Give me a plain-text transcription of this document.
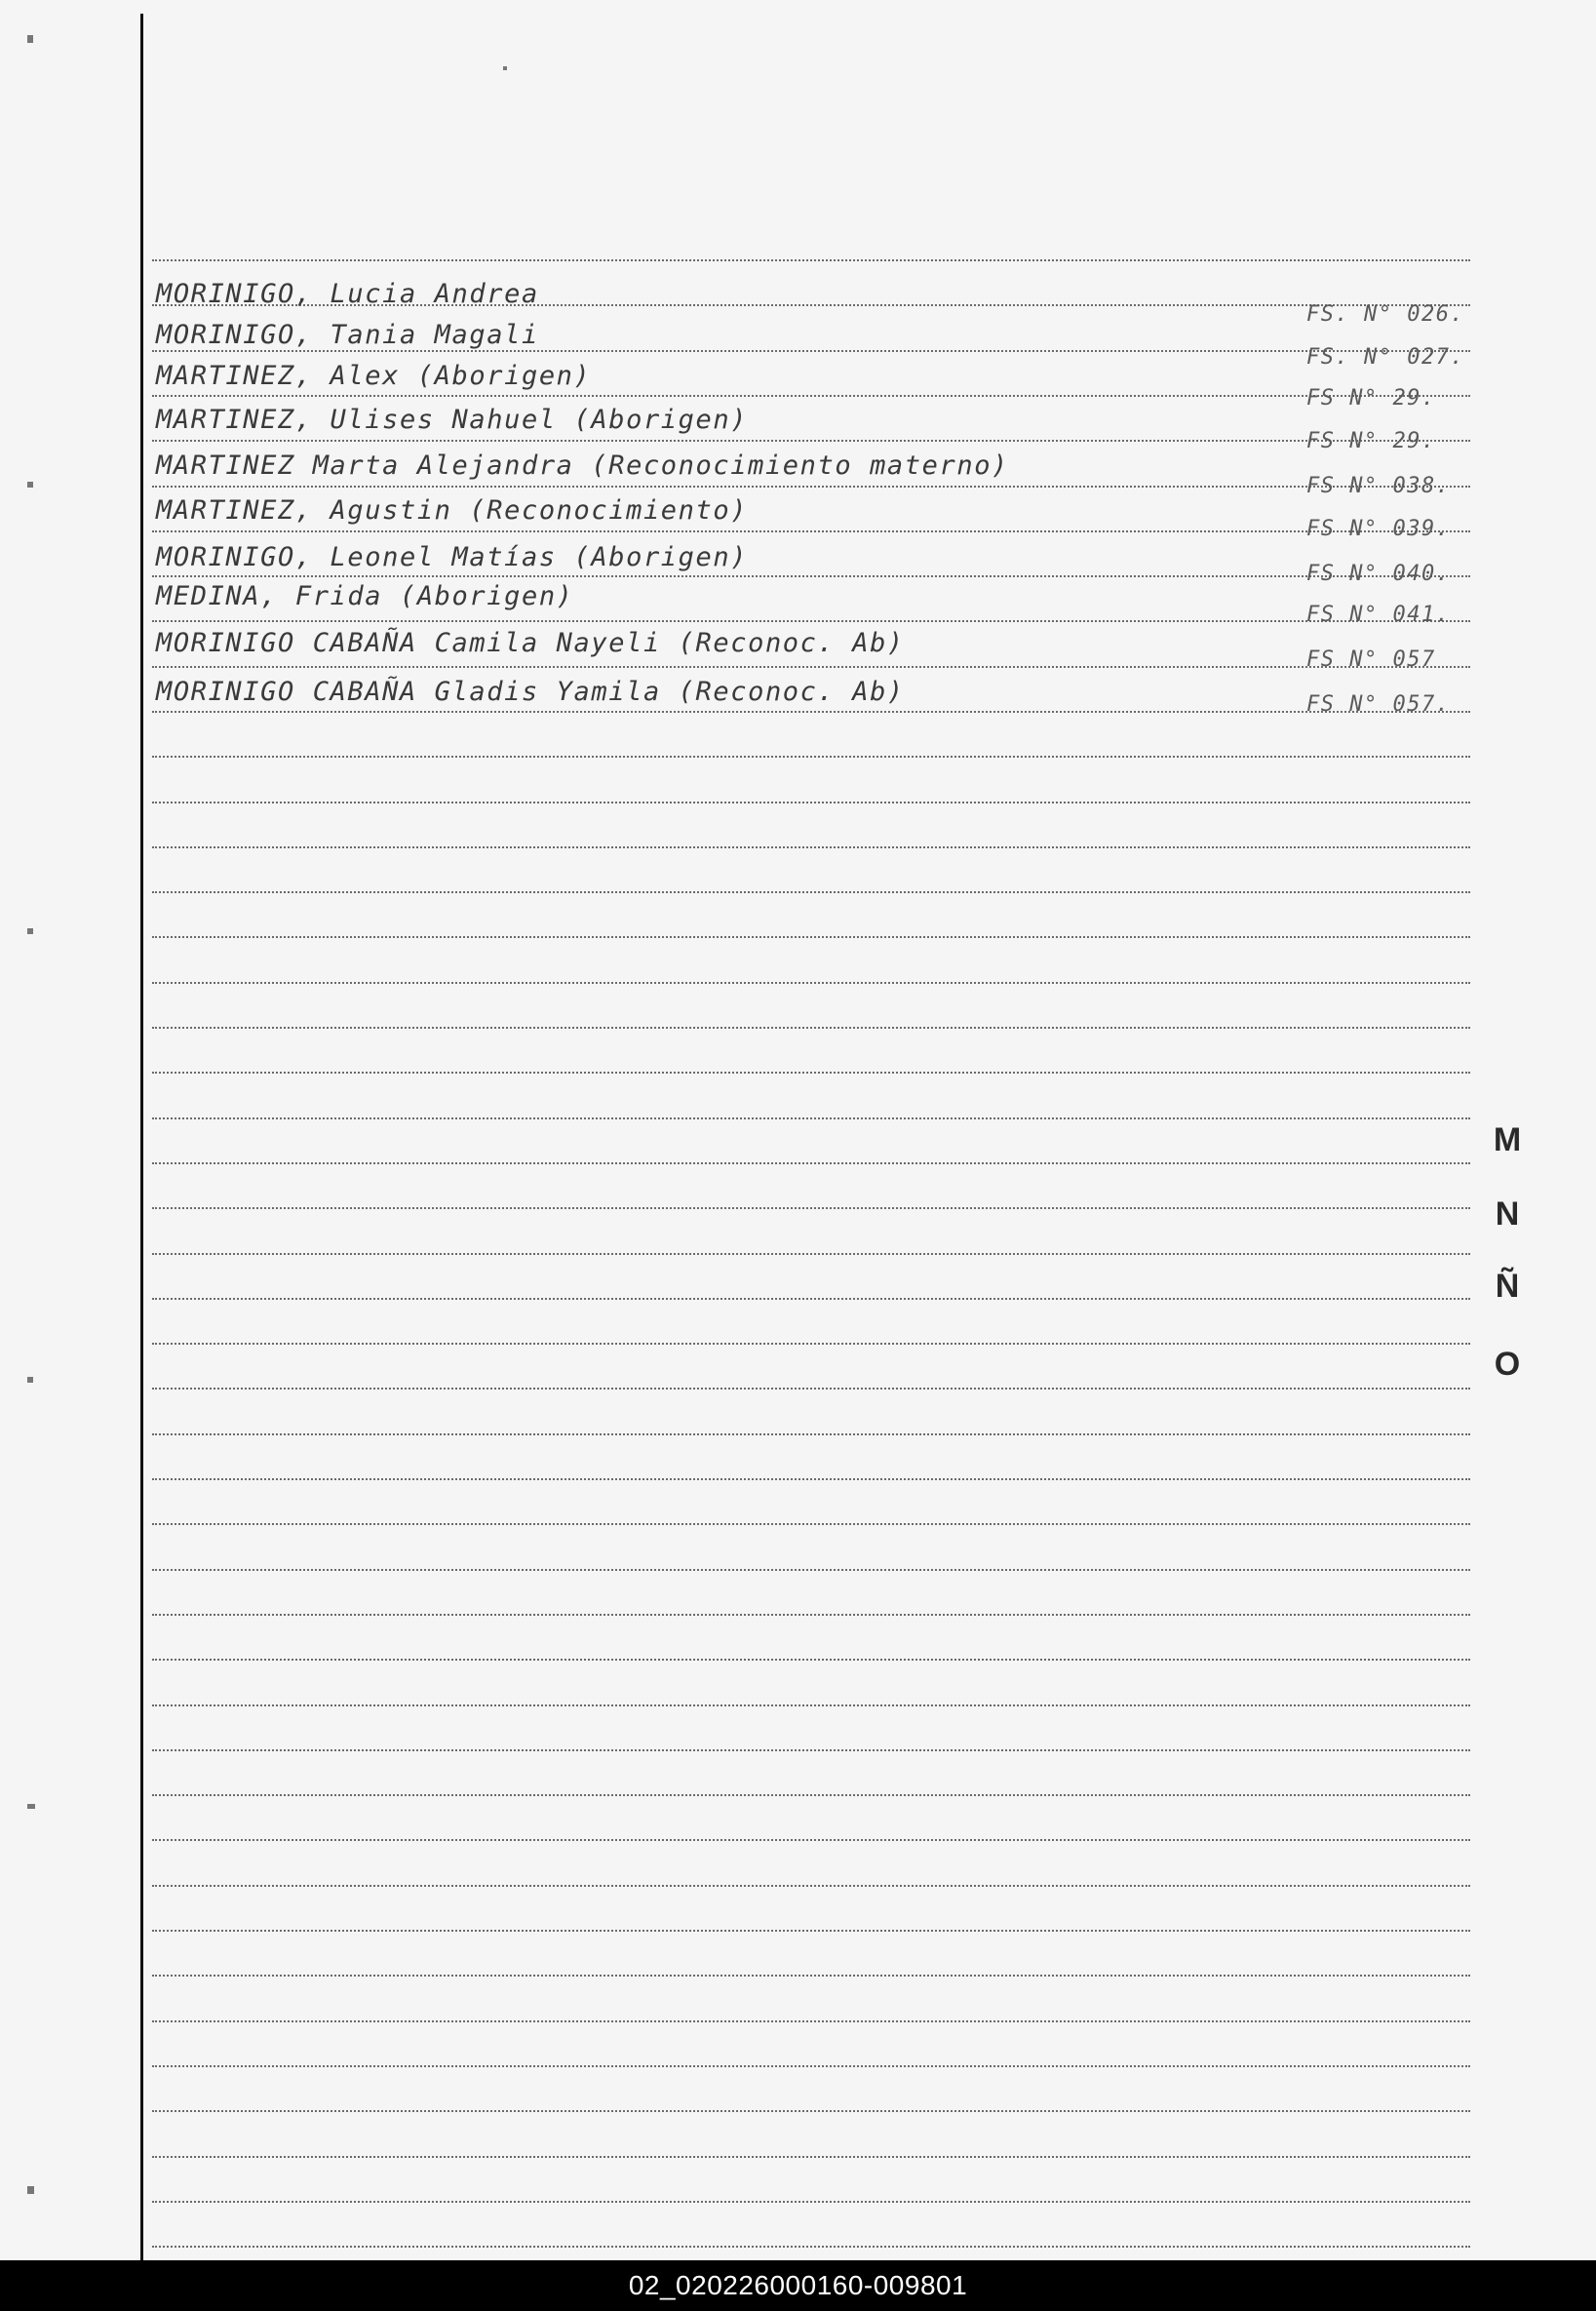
MORINIGO, Lucia Andrea
MORINIGO, Tania Magali
MARTINEZ, Alex (Aborigen)
MARTINEZ, Ulises Nahuel (Aborigen)
MARTINEZ Marta Alejandra (Reconocimiento materno)
MARTINEZ, Agustin (Reconocimiento)
MORINIGO, Leonel Matías (Aborigen)
MEDINA, Frida (Aborigen)
MORINIGO CABAÑA Camila Nayeli (Reconoc. Ab)
MORINIGO CABAÑA Gladis Yamila (Reconoc. Ab)
FS. N° 026.
FS. N° 027.
FS N° 29.
FS N° 29.
FS N° 038.
FS N° 039.
FS N° 040.
FS N° 041.
FS N° 057
FS N° 057.
M
N
Ñ
O
02_020226000160-009801
